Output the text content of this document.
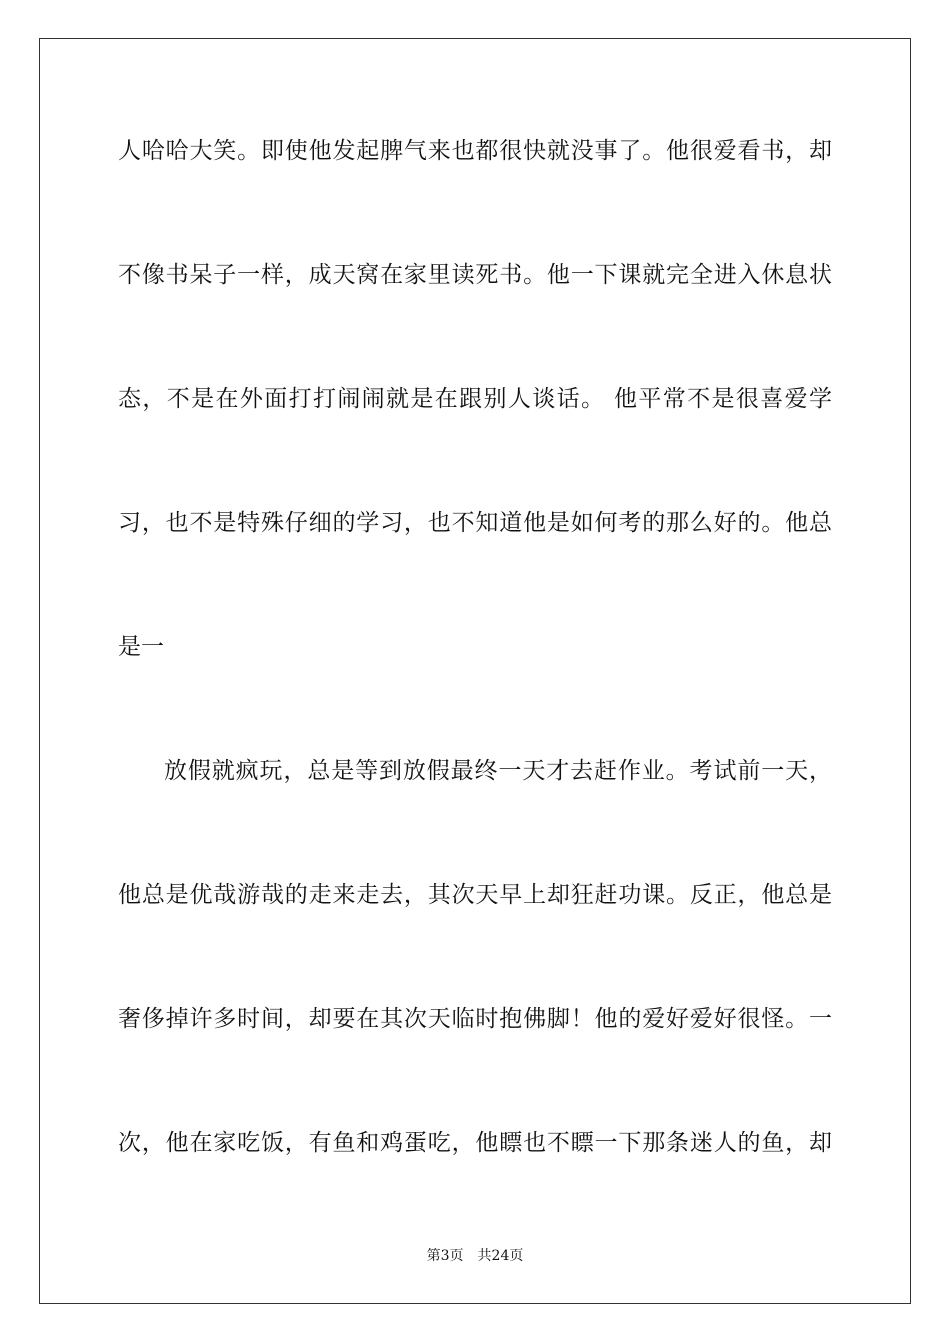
人哈哈大笑。即使他发起脾气来也都很快就没事了。他很爱看书，却
不像书呆子一样，成天窝在家里读死书。他一下课就完全进入休息状
态，不是在外面打打闹闹就是在跟别人谈话。 他平常不是很喜爱学
习，也不是特殊仔细的学习，也不知道他是如何考的那么好的。他总
是一
放假就疯玩，总是等到放假最终一天才去赶作业。考试前一天，
他总是优哉游哉的走来走去，其次天早上却狂赶功课。反正，他总是
奢侈掉许多时间，却要在其次天临时抱佛脚！他的爱好爱好很怪。一
次，他在家吃饭，有鱼和鸡蛋吃，他瞟也不瞟一下那条迷人的鱼，却
第3页 共24页
